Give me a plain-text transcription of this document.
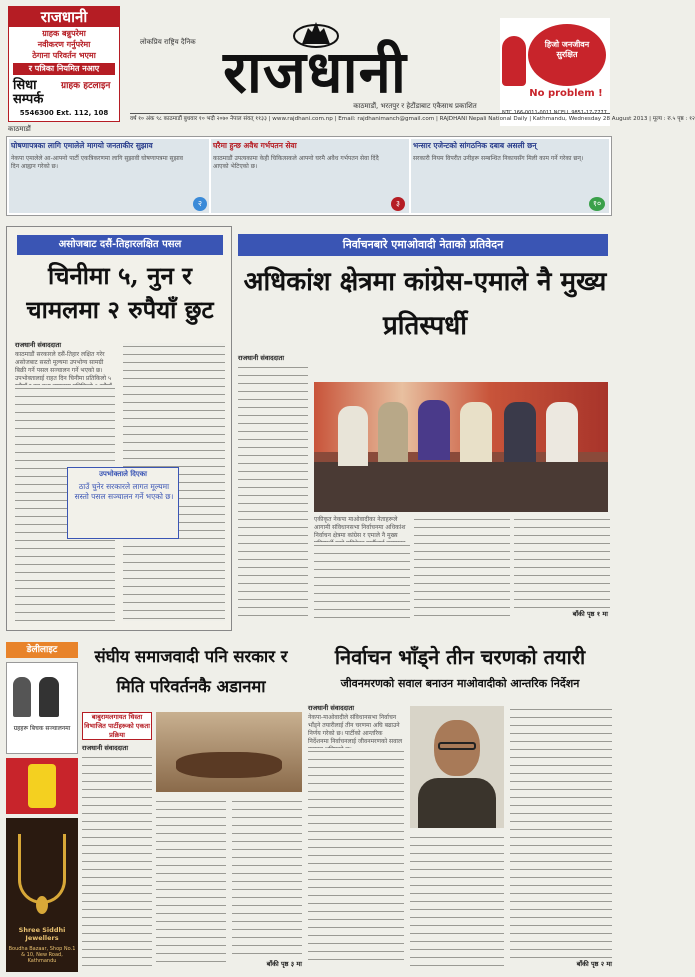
राजधानी
ग्राहक बन्नुपरेमा
नवीकरण गर्नुपरेमा
ठेगाना परिवर्तन भएमा
र पत्रिका नियमित नआए
सिधा सम्पर्क
ग्राहक हटलाइन
5546300 Ext. 112, 108
लोकप्रिय राष्ट्रिय दैनिक राजधानी
काठमाडौं, भरतपुर र हेटौंडाबाट एकैसाथ प्रकाशित
हिजो जनजीवन सुरक्षित
No problem !
NTC 166-0011-0011 NCELL 9851-17-7777
वर्ष १० अंक ९८ काठमाडौं बुधवार १० भदौ २०७० नेपाल संवत् ११३३ | www.rajdhani.com.np | Email: rajdhanimanch@gmail.com | RAJDHANI Nepali National Daily | Kathmandu, Wednesday 28 August 2013 | मूल्य : रु.५ पृष्ठ : १२
काठमाडौं
घोषणापत्रका लागि एमालेले मागयो जनताकीर सुझाव
नेकपा एमालेले आ-आफ्नो पार्टी एकत्रिकरणमा लागि सुझावी घोषणापत्रमा सुझाव दिन आह्वान गरेको छ।
२
घरैमा हुन्छ अवैध गर्भपतन सेवा
काठमाडौं उपत्यकामा केही चिकित्सकले आफ्नो घरमै अवैध गर्भपतन सेवा दिंदै आएको भेटिएको छ।
३
भन्सार एजेन्टको सांगठनिक दबाब असली छन्
सरकारी नियम विपरीत उनीहरू सम्बन्धित निकायसँग मिली काम गर्ने गरेका छन्।
१०
असोजबाट दसैं-तिहारलक्षित पसल
चिनीमा ५, नुन र चामलमा २ रुपैयाँ छुट
राजधानी संवाददाता
काठमाडौं सरकारले दसैं-तिहार लक्षित गरेर असोजबाट सस्तो मूल्यमा उपभोग्य सामग्री बिक्री गर्ने पसल सञ्चालन गर्ने भएको छ। उपभोक्तालाई राहत दिन चिनीमा प्रतिकिलो ५
उपभोक्ताले दिएका
ठाउँ चुनेर सरकारले लागत मूल्यमा सस्तो पसल सञ्चालन गर्ने भएको छ।
निर्वाचनबारे एमाओवादी नेताको प्रतिवेदन
अधिकांश क्षेत्रमा कांग्रेस-एमाले नै मुख्य प्रतिस्पर्धी
राजधानी संवाददाता
एकीकृत नेकपा माओवादीका नेताहरूले आगामी संविधानसभा निर्वाचनमा अधिकांश निर्वाचन क्षेत्रमा कांग्रेस र एमाले नै मुख्य
बाँकी पृष्ठ १ मा
डेलीलाइट
ग्रहहरू बिचक सञ्चालनमा
Shree Siddhi Jewellers
Boudha Bazaar, Shop No.1 & 10, New Road, Kathmandu
संघीय समाजवादी पनि सरकार र मिति परिवर्तनकै अडानमा
बाबुरामलगायत थिस्ता विभाजित पार्टीहरूको एकता प्रक्रिया
राजधानी संवाददाता
बाँकी पृष्ठ ३ मा
निर्वाचन भाँड्ने तीन चरणको तयारी
जीवनमरणको सवाल बनाउन माओवादीको आन्तरिक निर्देशन
राजधानी संवाददाता
नेकपा-माओवादीले संविधानसभा निर्वाचन भाँड्ने तयारीलाई तीन चरणमा अघि बढाउने निर्णय गरेको छ। पार्टीको आन्तरिक निर्देशनमा निर्वाचनलाई जीवनमरणको सवाल
बाँकी पृष्ठ २ मा
